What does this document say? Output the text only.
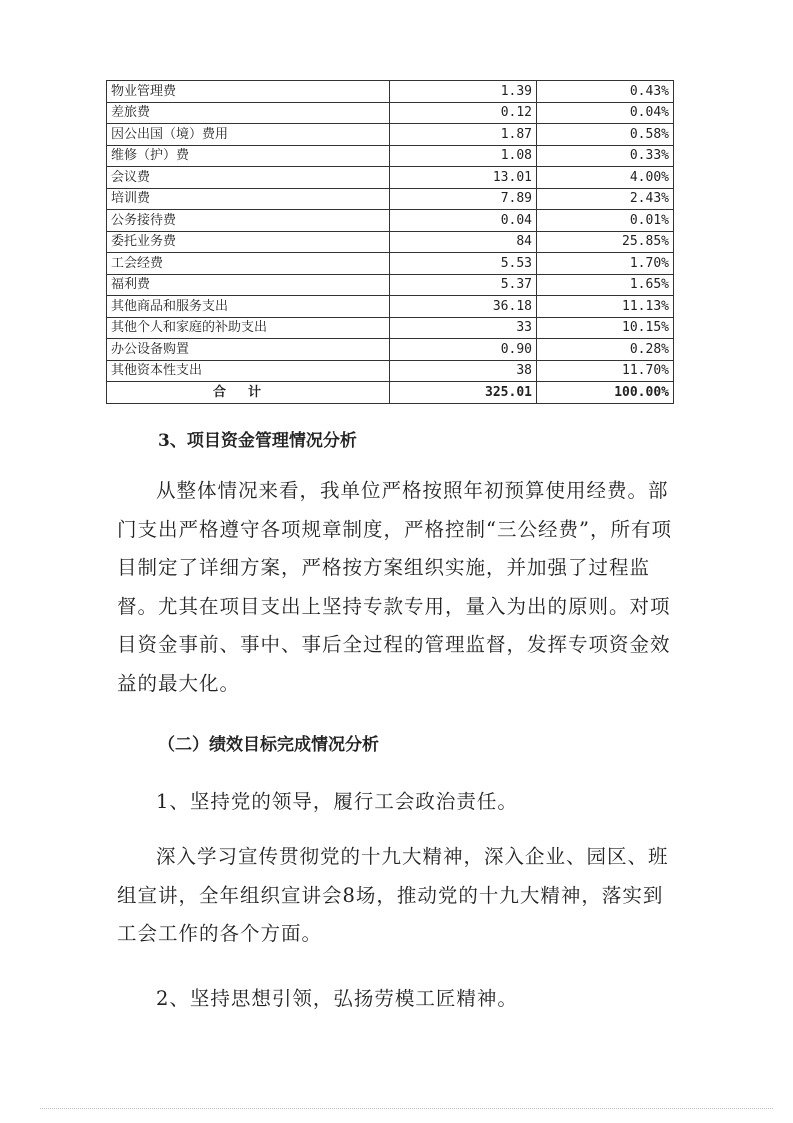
物业管理费	1.39	0.43%
差旅费	0.12	0.04%
因公出国（境）费用	1.87	0.58%
维修（护）费	1.08	0.33%
会议费	13.01	4.00%
培训费	7.89	2.43%
公务接待费	0.04	0.01%
委托业务费	84	25.85%
工会经费	5.53	1.70%
福利费	5.37	1.65%
其他商品和服务支出	36.18	11.13%
其他个人和家庭的补助支出	33	10.15%
办公设备购置	0.90	0.28%
其他资本性支出	38	11.70%
合计	325.01	100.00%
3、项目资金管理情况分析
从整体情况来看，我单位严格按照年初预算使用经费。部门支出严格遵守各项规章制度，严格控制“三公经费”，所有项目制定了详细方案，严格按方案组织实施，并加强了过程监督。尤其在项目支出上坚持专款专用，量入为出的原则。对项目资金事前、事中、事后全过程的管理监督，发挥专项资金效益的最大化。
（二）绩效目标完成情况分析
1、坚持党的领导，履行工会政治责任。
深入学习宣传贯彻党的十九大精神，深入企业、园区、班组宣讲，全年组织宣讲会8场，推动党的十九大精神，落实到工会工作的各个方面。
2、坚持思想引领，弘扬劳模工匠精神。
